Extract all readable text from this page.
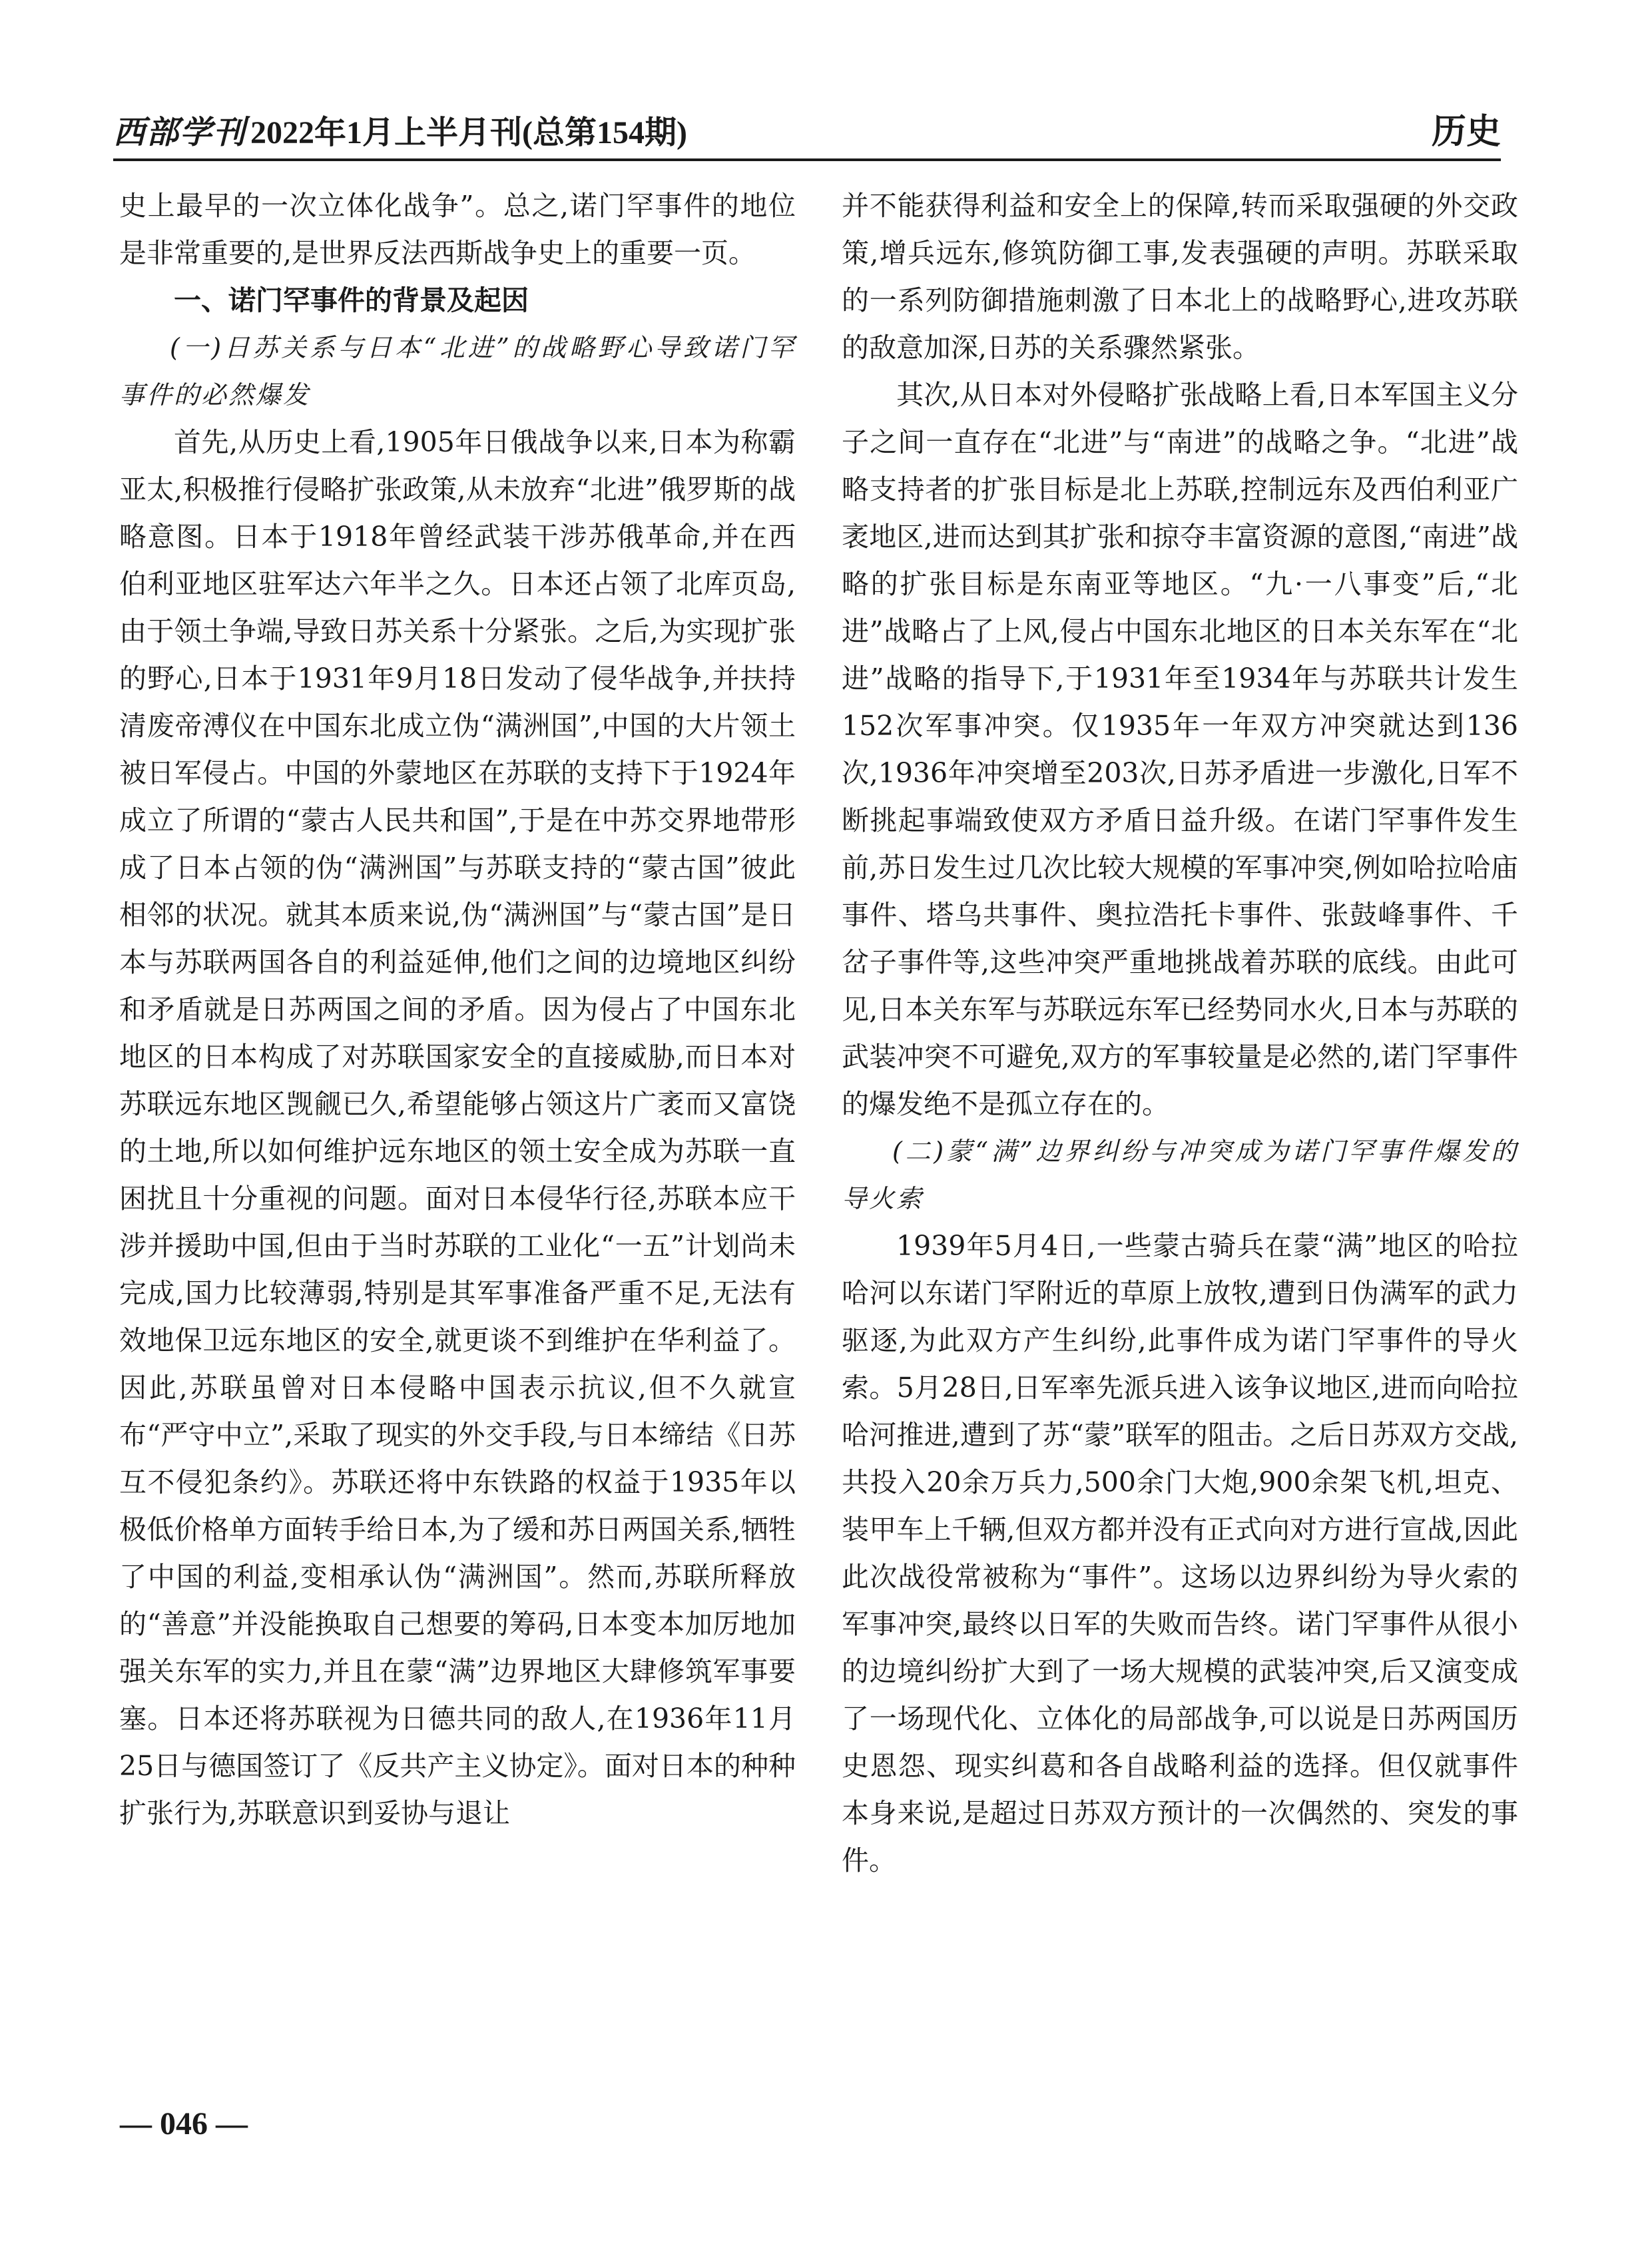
西部学刊 2022年1月上半月刊(总第154期)	历史

史上最早的一次立体化战争”。总之,诺门罕事件的地位是非常重要的,是世界反法西斯战争史上的重要一页。

一、诺门罕事件的背景及起因
(一)日苏关系与日本“北进”的战略野心导致诺门罕事件的必然爆发

首先,从历史上看,1905年日俄战争以来,日本为称霸亚太,积极推行侵略扩张政策,从未放弃“北进”俄罗斯的战略意图。日本于1918年曾经武装干涉苏俄革命,并在西伯利亚地区驻军达六年半之久。日本还占领了北库页岛,由于领土争端,导致日苏关系十分紧张。之后,为实现扩张的野心,日本于1931年9月18日发动了侵华战争,并扶持清废帝溥仪在中国东北成立伪“满洲国”,中国的大片领土被日军侵占。中国的外蒙地区在苏联的支持下于1924年成立了所谓的“蒙古人民共和国”,于是在中苏交界地带形成了日本占领的伪“满洲国”与苏联支持的“蒙古国”彼此相邻的状况。就其本质来说,伪“满洲国”与“蒙古国”是日本与苏联两国各自的利益延伸,他们之间的边境地区纠纷和矛盾就是日苏两国之间的矛盾。因为侵占了中国东北地区的日本构成了对苏联国家安全的直接威胁,而日本对苏联远东地区觊觎已久,希望能够占领这片广袤而又富饶的土地,所以如何维护远东地区的领土安全成为苏联一直困扰且十分重视的问题。面对日本侵华行径,苏联本应干涉并援助中国,但由于当时苏联的工业化“一五”计划尚未完成,国力比较薄弱,特别是其军事准备严重不足,无法有效地保卫远东地区的安全,就更谈不到维护在华利益了。因此,苏联虽曾对日本侵略中国表示抗议,但不久就宣布“严守中立”,采取了现实的外交手段,与日本缔结《日苏互不侵犯条约》。苏联还将中东铁路的权益于1935年以极低价格单方面转手给日本,为了缓和苏日两国关系,牺牲了中国的利益,变相承认伪“满洲国”。然而,苏联所释放的“善意”并没能换取自己想要的筹码,日本变本加厉地加强关东军的实力,并且在蒙“满”边界地区大肆修筑军事要塞。日本还将苏联视为日德共同的敌人,在1936年11月25日与德国签订了《反共产主义协定》。面对日本的种种扩张行为,苏联意识到妥协与退让

并不能获得利益和安全上的保障,转而采取强硬的外交政策,增兵远东,修筑防御工事,发表强硬的声明。苏联采取的一系列防御措施刺激了日本北上的战略野心,进攻苏联的敌意加深,日苏的关系骤然紧张。

其次,从日本对外侵略扩张战略上看,日本军国主义分子之间一直存在“北进”与“南进”的战略之争。“北进”战略支持者的扩张目标是北上苏联,控制远东及西伯利亚广袤地区,进而达到其扩张和掠夺丰富资源的意图,“南进”战略的扩张目标是东南亚等地区。“九·一八事变”后,“北进”战略占了上风,侵占中国东北地区的日本关东军在“北进”战略的指导下,于1931年至1934年与苏联共计发生152次军事冲突。仅1935年一年双方冲突就达到136次,1936年冲突增至203次,日苏矛盾进一步激化,日军不断挑起事端致使双方矛盾日益升级。在诺门罕事件发生前,苏日发生过几次比较大规模的军事冲突,例如哈拉哈庙事件、塔乌共事件、奥拉浩托卡事件、张鼓峰事件、千岔子事件等,这些冲突严重地挑战着苏联的底线。由此可见,日本关东军与苏联远东军已经势同水火,日本与苏联的武装冲突不可避免,双方的军事较量是必然的,诺门罕事件的爆发绝不是孤立存在的。

(二)蒙“满”边界纠纷与冲突成为诺门罕事件爆发的导火索

1939年5月4日,一些蒙古骑兵在蒙“满”地区的哈拉哈河以东诺门罕附近的草原上放牧,遭到日伪满军的武力驱逐,为此双方产生纠纷,此事件成为诺门罕事件的导火索。5月28日,日军率先派兵进入该争议地区,进而向哈拉哈河推进,遭到了苏“蒙”联军的阻击。之后日苏双方交战,共投入20余万兵力,500余门大炮,900余架飞机,坦克、装甲车上千辆,但双方都并没有正式向对方进行宣战,因此此次战役常被称为“事件”。这场以边界纠纷为导火索的军事冲突,最终以日军的失败而告终。诺门罕事件从很小的边境纠纷扩大到了一场大规模的武装冲突,后又演变成了一场现代化、立体化的局部战争,可以说是日苏两国历史恩怨、现实纠葛和各自战略利益的选择。但仅就事件本身来说,是超过日苏双方预计的一次偶然的、突发的事件。

— 046 —
